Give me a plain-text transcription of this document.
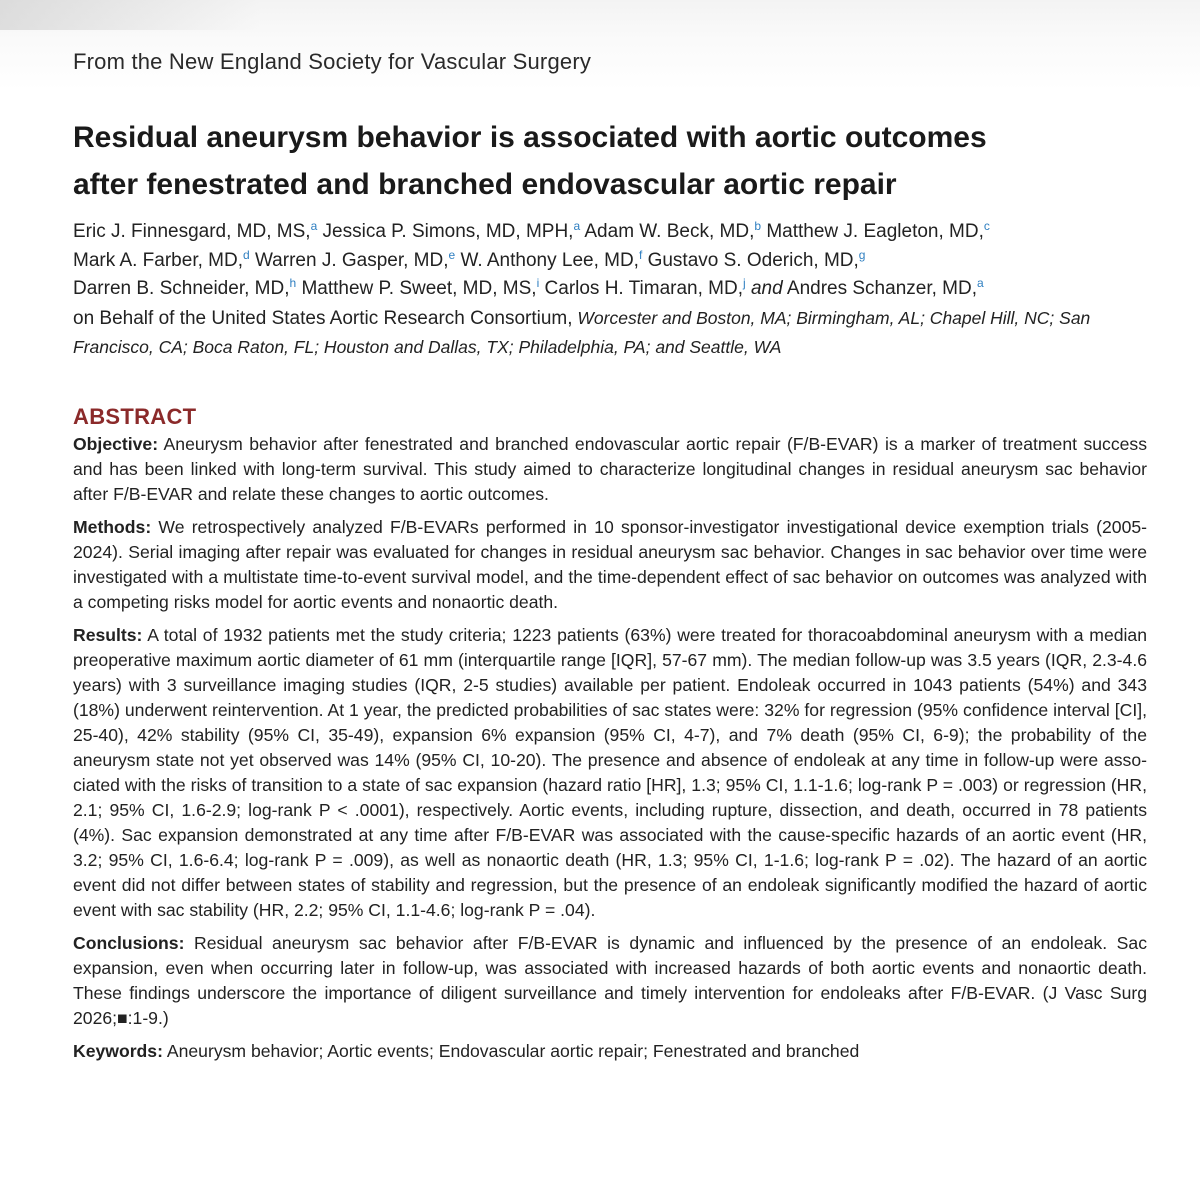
From the New England Society for Vascular Surgery
Residual aneurysm behavior is associated with aortic outcomes
after fenestrated and branched endovascular aortic repair
Eric J. Finnesgard, MD, MS,$^a$ Jessica P. Simons, MD, MPH,$^a$ Adam W. Beck, MD,$^b$ Matthew J. Eagleton, MD,$^c$
Mark A. Farber, MD,$^d$ Warren J. Gasper, MD,$^e$ W. Anthony Lee, MD,$^f$ Gustavo S. Oderich, MD,$^g$
Darren B. Schneider, MD,$^h$ Matthew P. Sweet, MD, MS,$^i$ Carlos H. Timaran, MD,$^j$ and Andres Schanzer, MD,$^a$
on Behalf of the United States Aortic Research Consortium, Worcester and Boston, MA; Birmingham, AL; Chapel Hill, NC; San Francisco, CA; Boca Raton, FL; Houston and Dallas, TX; Philadelphia, PA; and Seattle, WA
ABSTRACT

Objective: Aneurysm behavior after fenestrated and branched endovascular aortic repair (F/B-EVAR) is a marker of treatment success and has been linked with long-term survival. This study aimed to characterize longitudinal changes in residual aneurysm sac behavior after F/B-EVAR and relate these changes to aortic outcomes.

Methods: We retrospectively analyzed F/B-EVARs performed in 10 sponsor-investigator investigational device exemption trials (2005-2024). Serial imaging after repair was evaluated for changes in residual aneurysm sac behavior. Changes in sac behavior over time were investigated with a multistate time-to-event survival model, and the time-dependent effect of sac behavior on outcomes was analyzed with a competing risks model for aortic events and nonaortic death.

Results: A total of 1932 patients met the study criteria; 1223 patients (63%) were treated for thoracoabdominal aneurysm with a median preoperative maximum aortic diameter of 61 mm (interquartile range [IQR], 57-67 mm). The median follow-up was 3.5 years (IQR, 2.3-4.6 years) with 3 surveillance imaging studies (IQR, 2-5 studies) available per patient. Endoleak occurred in 1043 patients (54%) and 343 (18%) underwent reintervention. At 1 year, the predicted probabilities of sac states were: 32% for regression (95% confidence interval [CI], 25-40), 42% stability (95% CI, 35-49), expansion 6% expansion (95% CI, 4-7), and 7% death (95% CI, 6-9); the probability of the aneurysm state not yet observed was 14% (95% CI, 10-20). The presence and absence of endoleak at any time in follow-up were associated with the risks of transition to a state of sac expansion (hazard ratio [HR], 1.3; 95% CI, 1.1-1.6; log-rank P = .003) or regression (HR, 2.1; 95% CI, 1.6-2.9; log-rank P < .0001), respectively. Aortic events, including rupture, dissection, and death, occurred in 78 patients (4%). Sac expansion demonstrated at any time after F/B-EVAR was associated with the cause-specific hazards of an aortic event (HR, 3.2; 95% CI, 1.6-6.4; log-rank P = .009), as well as nonaortic death (HR, 1.3; 95% CI, 1-1.6; log-rank P = .02). The hazard of an aortic event did not differ between states of stability and regression, but the presence of an endoleak significantly modified the hazard of aortic event with sac stability (HR, 2.2; 95% CI, 1.1-4.6; log-rank P = .04).

Conclusions: Residual aneurysm sac behavior after F/B-EVAR is dynamic and influenced by the presence of an endoleak. Sac expansion, even when occurring later in follow-up, was associated with increased hazards of both aortic events and nonaortic death. These findings underscore the importance of diligent surveillance and timely intervention for endoleaks after F/B-EVAR. (J Vasc Surg 2026;■:1-9.)

Keywords: Aneurysm behavior; Aortic events; Endovascular aortic repair; Fenestrated and branched
